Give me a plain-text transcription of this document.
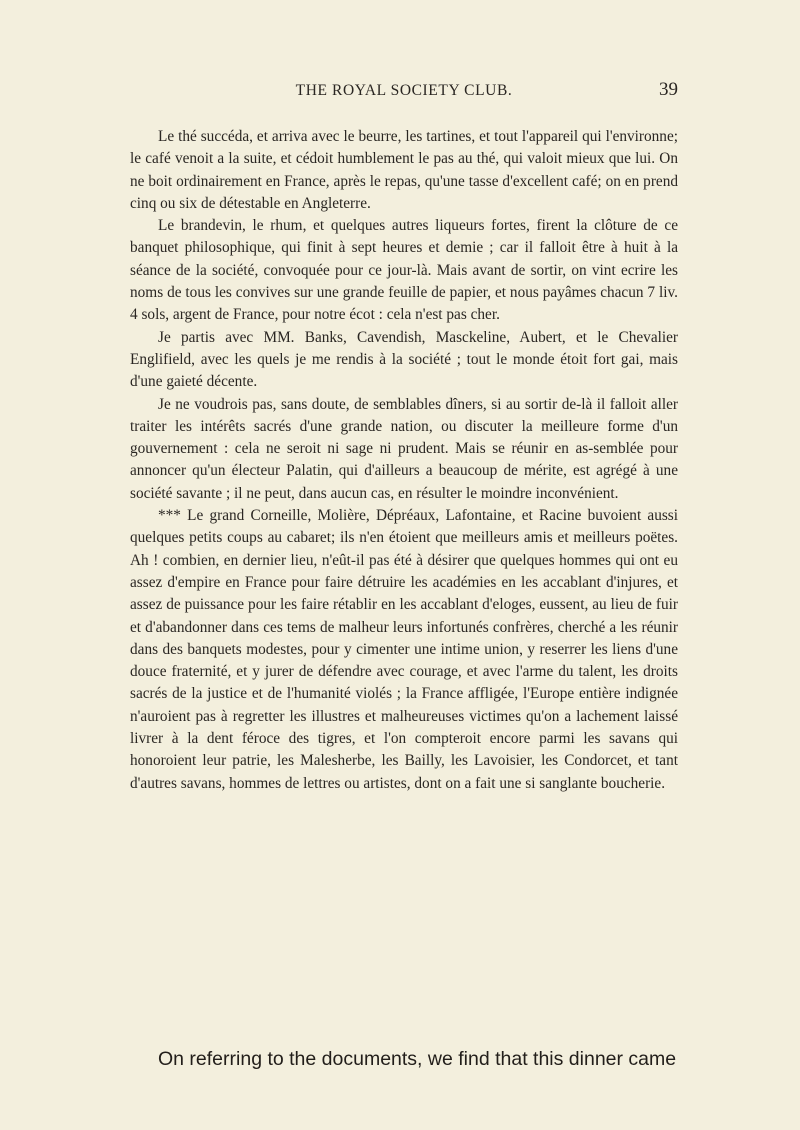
THE ROYAL SOCIETY CLUB.	39

Le thé succéda, et arriva avec le beurre, les tartines, et tout l'appareil qui l'environne; le café venoit a la suite, et cédoit humblement le pas au thé, qui valoit mieux que lui. On ne boit ordinairement en France, après le repas, qu'une tasse d'excellent café; on en prend cinq ou six de détestable en Angleterre.

Le brandevin, le rhum, et quelques autres liqueurs fortes, firent la clôture de ce banquet philosophique, qui finit à sept heures et demie ; car il falloit être à huit à la séance de la société, convoquée pour ce jour-là. Mais avant de sortir, on vint ecrire les noms de tous les convives sur une grande feuille de papier, et nous payâmes chacun 7 liv. 4 sols, argent de France, pour notre écot : cela n'est pas cher.

Je partis avec MM. Banks, Cavendish, Masckeline, Aubert, et le Chevalier Englifield, avec les quels je me rendis à la société ; tout le monde étoit fort gai, mais d'une gaieté décente.

Je ne voudrois pas, sans doute, de semblables dîners, si au sortir de-là il falloit aller traiter les intérêts sacrés d'une grande nation, ou discuter la meilleure forme d'un gouvernement : cela ne seroit ni sage ni prudent. Mais se réunir en as-semblée pour annoncer qu'un électeur Palatin, qui d'ailleurs a beaucoup de mérite, est agrégé à une société savante ; il ne peut, dans aucun cas, en résulter le moindre inconvénient.

*** Le grand Corneille, Molière, Dépréaux, Lafontaine, et Racine buvoient aussi quelques petits coups au cabaret; ils n'en étoient que meilleurs amis et meilleurs poëtes. Ah ! combien, en dernier lieu, n'eût-il pas été à désirer que quelques hommes qui ont eu assez d'empire en France pour faire détruire les académies en les accablant d'injures, et assez de puissance pour les faire rétablir en les accablant d'eloges, eussent, au lieu de fuir et d'abandonner dans ces tems de malheur leurs infortunés confrères, cherché a les réunir dans des banquets modestes, pour y cimenter une intime union, y reserrer les liens d'une douce fraternité, et y jurer de défendre avec courage, et avec l'arme du talent, les droits sacrés de la justice et de l'humanité violés ; la France affligée, l'Europe entière indignée n'auroient pas à regretter les illustres et malheureuses victimes qu'on a lachement laissé livrer à la dent féroce des tigres, et l'on compteroit encore parmi les savans qui honoroient leur patrie, les Malesherbe, les Bailly, les Lavoisier, les Condorcet, et tant d'autres savans, hommes de lettres ou artistes, dont on a fait une si sanglante boucherie.

On referring to the documents, we find that this dinner came
